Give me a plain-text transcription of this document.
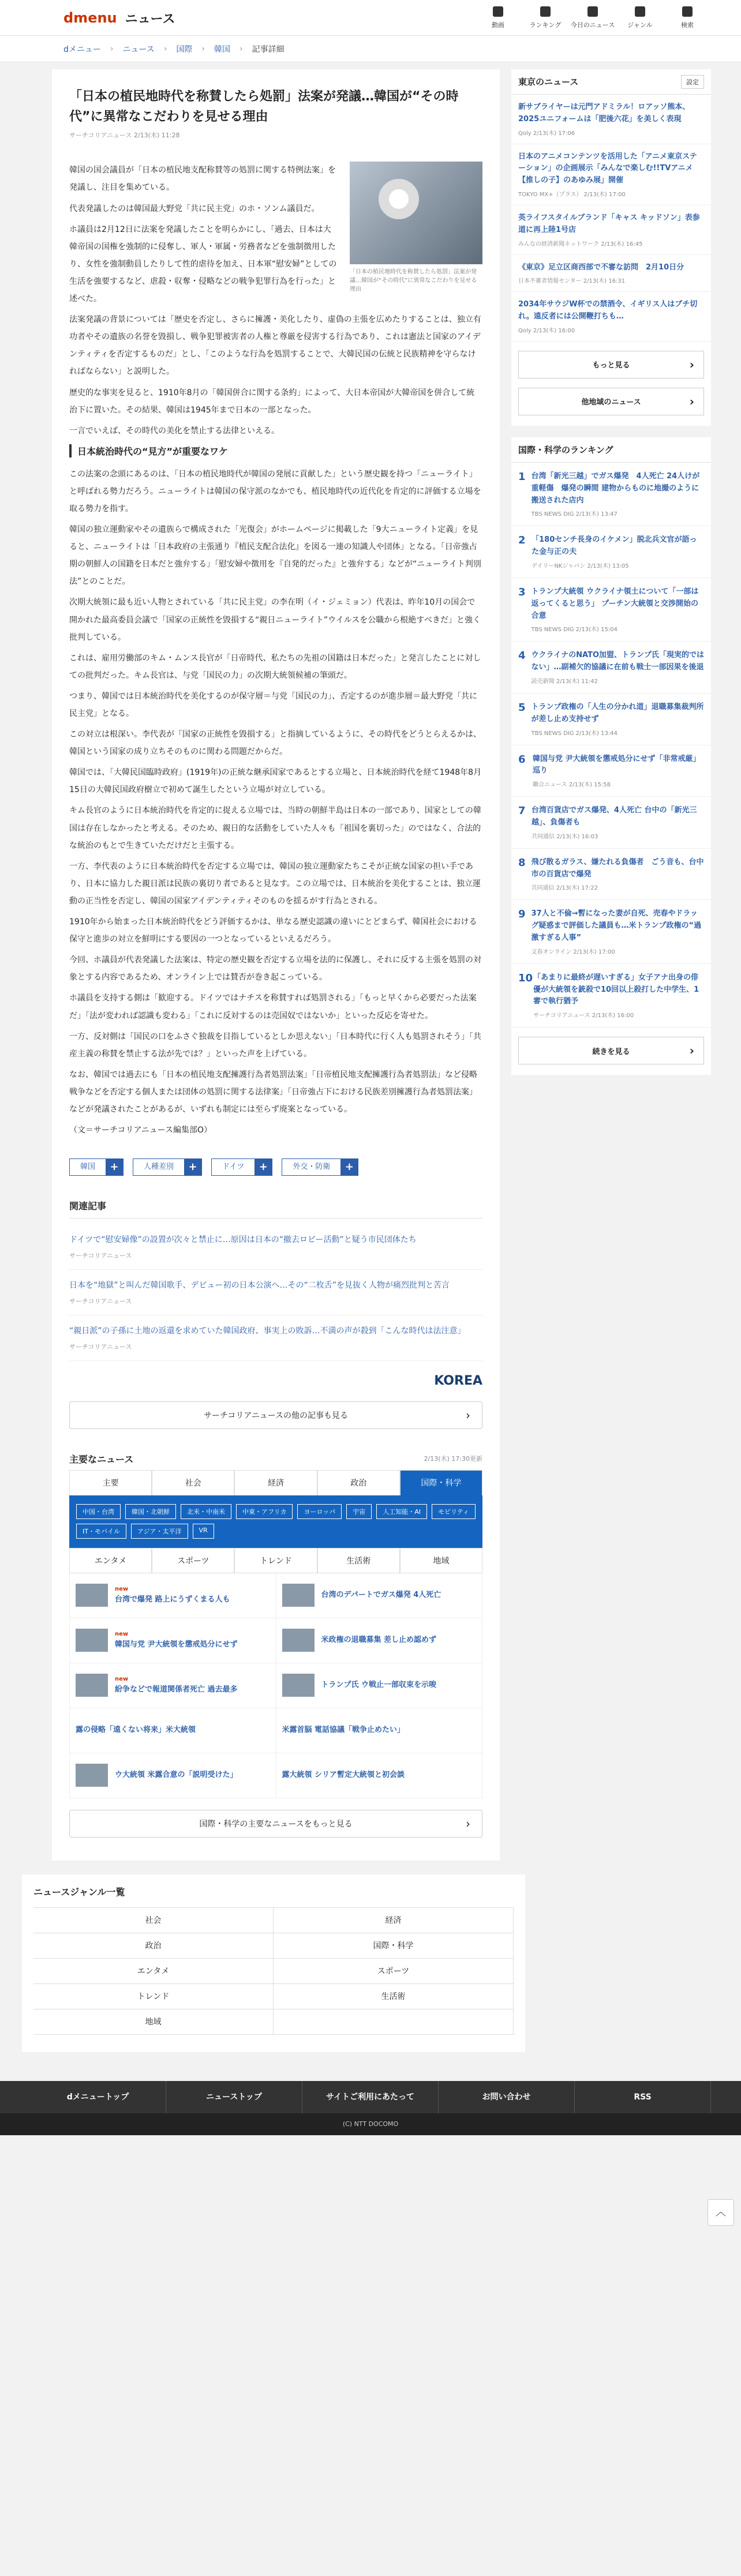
dmenu ニュース	動画	ランキング	今日のニュース	ジャンル	検索
dメニュー › ニュース › 国際 › 韓国 › 記事詳細
「日本の植民地時代を称賛したら処罰」法案が発議…韓国が“その時代”に異常なこだわりを見せる理由
サーチコリアニュース 2/13(木) 11:28
「日本の植民地時代を称賛したら処罰」法案が発議…韓国が“その時代”に異常なこだわりを見せる理由

韓国の国会議員が「日本の植民地支配称賛等の処罰に関する特例法案」を発議し、注目を集めている。

代表発議したのは韓国最大野党「共に民主党」のホ・ソンム議員だ。

ホ議員は2月12日に法案を発議したことを明らかにし、「過去、日本は大韓帝国の国権を強制的に侵奪し、軍人・軍属・労務者などを強制徴用したり、女性を強制動員したりして性的虐待を加え、日本軍“慰安婦”としての生活を強要するなど、虐殺・収奪・侵略などの戦争犯罪行為を行った」と述べた。

法案発議の背景については「歴史を否定し、さらに擁護・美化したり、虚偽の主張を広めたりすることは、独立有功者やその遺族の名誉を毀損し、戦争犯罪被害者の人権と尊厳を侵害する行為であり、これは憲法と国家のアイデンティティを否定するものだ」とし、「このような行為を処罰することで、大韓民国の伝統と民族精神を守らなければならない」と説明した。

歴史的な事実を見ると、1910年8月の「韓国併合に関する条約」によって、大日本帝国が大韓帝国を併合して統治下に置いた。その結果、韓国は1945年まで日本の一部となった。

一言でいえば、その時代の美化を禁止する法律といえる。

日本統治時代の“見方”が重要なワケ

この法案の念頭にあるのは、「日本の植民地時代が韓国の発展に貢献した」という歴史観を持つ「ニューライト」と呼ばれる勢力だろう。ニューライトは韓国の保守派のなかでも、植民地時代の近代化を肯定的に評価する立場を取る勢力を指す。

韓国の独立運動家やその遺族らで構成された「光復会」がホームページに掲載した「9大ニューライト定義」を見ると、ニューライトは「日本政府の主張通り『植民支配合法化』を図る一連の知識人や団体」となる。「日帝強占期の朝鮮人の国籍を日本だと強弁する」「慰安婦や徴用を『自発的だった』と強弁する」などが“ニューライト判別法”とのことだ。

次期大統領に最も近い人物とされている「共に民主党」の李在明（イ・ジェミョン）代表は、昨年10月の国会で開かれた最高委員会議で「国家の正統性を毀損する“親日ニューライト”ウイルスを公職から根絶すべきだ」と強く批判している。

これは、雇用労働部のキム・ムンス長官が「日帝時代、私たちの先祖の国籍は日本だった」と発言したことに対しての批判だった。キム長官は、与党「国民の力」の次期大統領候補の筆頭だ。

つまり、韓国では日本統治時代を美化するのが保守層＝与党「国民の力」、否定するのが進歩層＝最大野党「共に民主党」となる。

この対立は根深い。李代表が「国家の正統性を毀損する」と指摘しているように、その時代をどうとらえるかは、韓国という国家の成り立ちそのものに関わる問題だからだ。

韓国では、「大韓民国臨時政府」(1919年)の正統な継承国家であるとする立場と、日本統治時代を経て1948年8月15日の大韓民国政府樹立で初めて誕生したという立場が対立している。

キム長官のように日本統治時代を肯定的に捉える立場では、当時の朝鮮半島は日本の一部であり、国家としての韓国は存在しなかったと考える。そのため、親日的な活動をしていた人々も「祖国を裏切った」のではなく、合法的な統治のもとで生きていただけだと主張する。

一方、李代表のように日本統治時代を否定する立場では、韓国の独立運動家たちこそが正統な国家の担い手であり、日本に協力した親日派は民族の裏切り者であると見なす。この立場では、日本統治を美化することは、独立運動の正当性を否定し、韓国の国家アイデンティティそのものを揺るがす行為とされる。

1910年から始まった日本統治時代をどう評価するかは、単なる歴史認識の違いにとどまらず、韓国社会における保守と進歩の対立を鮮明にする要因の一つとなっているといえるだろう。

今回、ホ議員が代表発議した法案は、特定の歴史観を否定する立場を法的に保護し、それに反する主張を処罰の対象とする内容であるため、オンライン上では賛否が巻き起こっている。

ホ議員を支持する側は「歓迎する。ドイツではナチスを称賛すれば処罰される」「もっと早くから必要だった法案だ」「法が変われば認識も変わる」「これに反対するのは売国奴ではないか」といった反応を寄せた。

一方、反対側は「国民の口をふさぐ独裁を目指しているとしか思えない」「日本時代に行く人も処罰されそう」「共産主義の称賛を禁止する法が先では？」といった声を上げている。

なお、韓国では過去にも「日本の植民地支配擁護行為者処罰法案」「日帝植民地支配擁護行為者処罰法」など侵略戦争などを否定する個人または団体の処罰に関する法律案」「日帝強占下における民族差別擁護行為者処罰法案」などが発議されたことがあるが、いずれも制定には至らず廃案となっている。

（文＝サーチコリアニュース編集部O）

韓国	+	人種差別	+	ドイツ	+	外交・防衛	+
関連記事
ドイツで“慰安婦像”の設置が次々と禁止に…原因は日本の“撤去ロビー活動”と疑う市民団体たち
サーチコリアニュース
日本を“地獄”と叫んだ韓国歌手、デビュー初の日本公演へ…その“二枚舌”を見抜く人物が痛烈批判と苦言
サーチコリアニュース
“親日派”の子孫に土地の返還を求めていた韓国政府、事実上の敗訴…不満の声が殺到「こんな時代は法注意」
サーチコリアニュース
KOREA
サーチコリアニュースの他の記事も見る ›
主要なニュース	2/13(木) 17:30更新
主要	社会	経済	政治	国際・科学
中国・台湾	韓国・北朝鮮	北米・中南米	中東・アフリカ	ヨーロッパ	宇宙	人工知能・AI	モビリティ
IT・モバイル	アジア・太平洋	VR
エンタメ	スポーツ	トレンド	生活術	地域
new
台湾で爆発 路上にうずくまる人も
台湾のデパートでガス爆発 4人死亡
new
韓国与党 尹大統領を懲戒処分にせず
米政権の退職募集 差し止め認めず
new
紛争などで報道関係者死亡 過去最多
トランプ氏 ウ戦止一部収束を示唆
露の侵略「遠くない将来」米大統領	米露首脳 電話協議「戦争止めたい」
ウ大統領 米露合意の「説明受けた」	露大統領 シリア暫定大統領と初会談
国際・科学の主要なニュースをもっと見る ›
東京のニュース	設定
新サブライヤーは元門アドミラル！ロアッソ熊本、2025ユニフォームは「肥後六花」を美しく表現
Qoly 2/13(木) 17:06
日本のアニメコンテンツを活用した「アニメ東京ステーション」の企画展示「みんなで楽しむ!!TVアニメ【推しの子】のあゆみ展」開催
TOKYO MX+（プラス） 2/13(木) 17:00
英ライフスタイルブランド「キャス キッドソン」表参道に再上陸1号店
みんなの経済新聞ネットワーク 2/13(木) 16:45
《東京》足立区商西部で不審な訪問　2月10日分
日本不審者情報センター 2/13(木) 16:31
2034年サウジW杯での禁酒令、イギリス人はブチ切れ。遠反者には公開鞭打ちも…
Qoly 2/13(木) 16:00
もっと見る ›
他地域のニュース ›
国際・科学のランキング
1 台湾「新光三越」でガス爆発　4人死亡 24人けが重軽傷　爆発の瞬間 建物からものに地撮のように搬送された店内
TBS NEWS DIG 2/13(木) 13:47
2 「180センチ長身のイケメン」脱北兵文官が語った金与正の夫
デイリーNKジャパン 2/13(木) 13:05
3 トランプ大統領 ウクライナ領土について「一部は返ってくると思う」 プーチン大統領と交渉開始の合意
TBS NEWS DIG 2/13(木) 15:04
4 ウクライナのNATO加盟、トランプ氏「現実的ではない」…副補欠的協議に在前も戦士一部因果を後退
読売新聞 2/13(木) 11:42
5 トランプ政権の「人生の分かれ道」退職募集裁判所が差し止め支持せず
TBS NEWS DIG 2/13(木) 13:44
6 韓国与党 尹大統領を懲戒処分にせず「非常戒厳」巡り
聯合ニュース 2/13(木) 15:58
7 台湾百貨店でガス爆発、4人死亡 台中の「新光三越」、負傷者も
共同通信 2/13(木) 16:03
8 飛び散るガラス、嫌たれる負傷者　ごう音も、台中市の百貨店で爆発
共同通信 2/13(木) 17:22
9 37人と不倫→暫になった妻が自死、売春やドラッグ疑惑まで評価した議員も…米トランプ政権の“過激すぎる人事”
文春オンライン 2/13(木) 17:00
10 「あまりに最終が遅いすぎる」女子アナ出身の俳優が大統領を銃殺で10回以上殺打した中学生、1審で執行猶予
サーチコリアニュース 2/13(木) 16:00
続きを見る ›
ニュースジャンル一覧
社会	経済
政治	国際・科学
エンタメ	スポーツ
トレンド	生活術
地域
︿
dメニュートップ	ニューストップ	サイトご利用にあたって	お問い合わせ	RSS
(C) NTT DOCOMO
